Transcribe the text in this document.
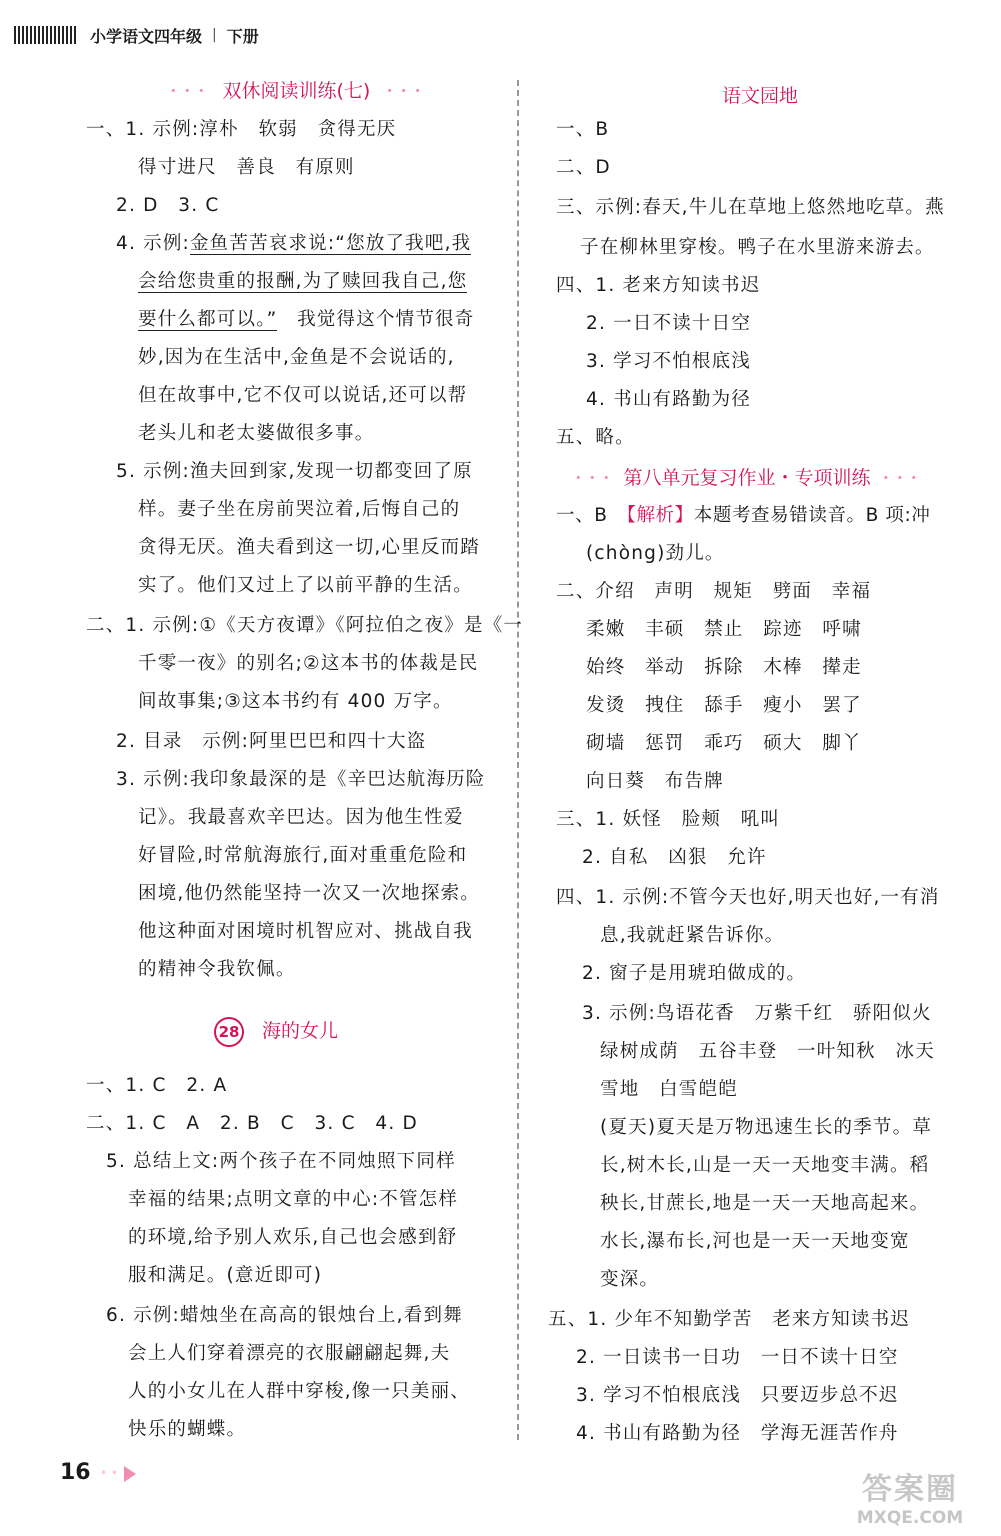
小学语文四年级 | 下册
• • • 双休阅读训练(七) • • •
一、1. 示例:淳朴　软弱　贪得无厌
得寸进尺　善良　有原则
2. D　3. C
4. 示例:金鱼苦苦哀求说:“您放了我吧,我
会给您贵重的报酬,为了赎回我自己,您
要什么都可以。”　我觉得这个情节很奇
妙,因为在生活中,金鱼是不会说话的,
但在故事中,它不仅可以说话,还可以帮
老头儿和老太婆做很多事。
5. 示例:渔夫回到家,发现一切都变回了原
样。妻子坐在房前哭泣着,后悔自己的
贪得无厌。渔夫看到这一切,心里反而踏
实了。他们又过上了以前平静的生活。
二、1. 示例:①《天方夜谭》《阿拉伯之夜》是《一
千零一夜》的别名;②这本书的体裁是民
间故事集;③这本书约有 400 万字。
2. 目录　示例:阿里巴巴和四十大盗
3. 示例:我印象最深的是《辛巴达航海历险
记》。我最喜欢辛巴达。因为他生性爱
好冒险,时常航海旅行,面对重重危险和
困境,他仍然能坚持一次又一次地探索。
他这种面对困境时机智应对、挑战自我
的精神令我钦佩。
28 海的女儿
一、1. C　2. A
二、1. C　A　2. B　C　3. C　4. D
5. 总结上文:两个孩子在不同烛照下同样
幸福的结果;点明文章的中心:不管怎样
的环境,给予别人欢乐,自己也会感到舒
服和满足。(意近即可)
6. 示例:蜡烛坐在高高的银烛台上,看到舞
会上人们穿着漂亮的衣服翩翩起舞,夫
人的小女儿在人群中穿梭,像一只美丽、
快乐的蝴蝶。
语文园地
一、B
二、D
三、示例:春天,牛儿在草地上悠然地吃草。燕
子在柳林里穿梭。鸭子在水里游来游去。
四、1. 老来方知读书迟
2. 一日不读十日空
3. 学习不怕根底浅
4. 书山有路勤为径
五、略。
• • • 第八单元复习作业・专项训练 • • •
一、B　【解析】本题考查易错读音。B 项:冲
(chòng)劲儿。
二、介绍　声明　规矩　劈面　幸福
柔嫩　丰硕　禁止　踪迹　呼啸
始终　举动　拆除　木棒　撵走
发烫　拽住　舔手　瘦小　罢了
砌墙　惩罚　乖巧　硕大　脚丫
向日葵　布告牌
三、1. 妖怪　脸颊　吼叫
2. 自私　凶狠　允许
四、1. 示例:不管今天也好,明天也好,一有消
息,我就赶紧告诉你。
2. 窗子是用琥珀做成的。
3. 示例:鸟语花香　万紫千红　骄阳似火
绿树成荫　五谷丰登　一叶知秋　冰天
雪地　白雪皑皑
(夏天)夏天是万物迅速生长的季节。草
长,树木长,山是一天一天地变丰满。稻
秧长,甘蔗长,地是一天一天地高起来。
水长,瀑布长,河也是一天一天地变宽
变深。
五、1. 少年不知勤学苦　老来方知读书迟
2. 一日读书一日功　一日不读十日空
3. 学习不怕根底浅　只要迈步总不迟
4. 书山有路勤为径　学海无涯苦作舟
16 • •	答案圈
MXQE.COM
